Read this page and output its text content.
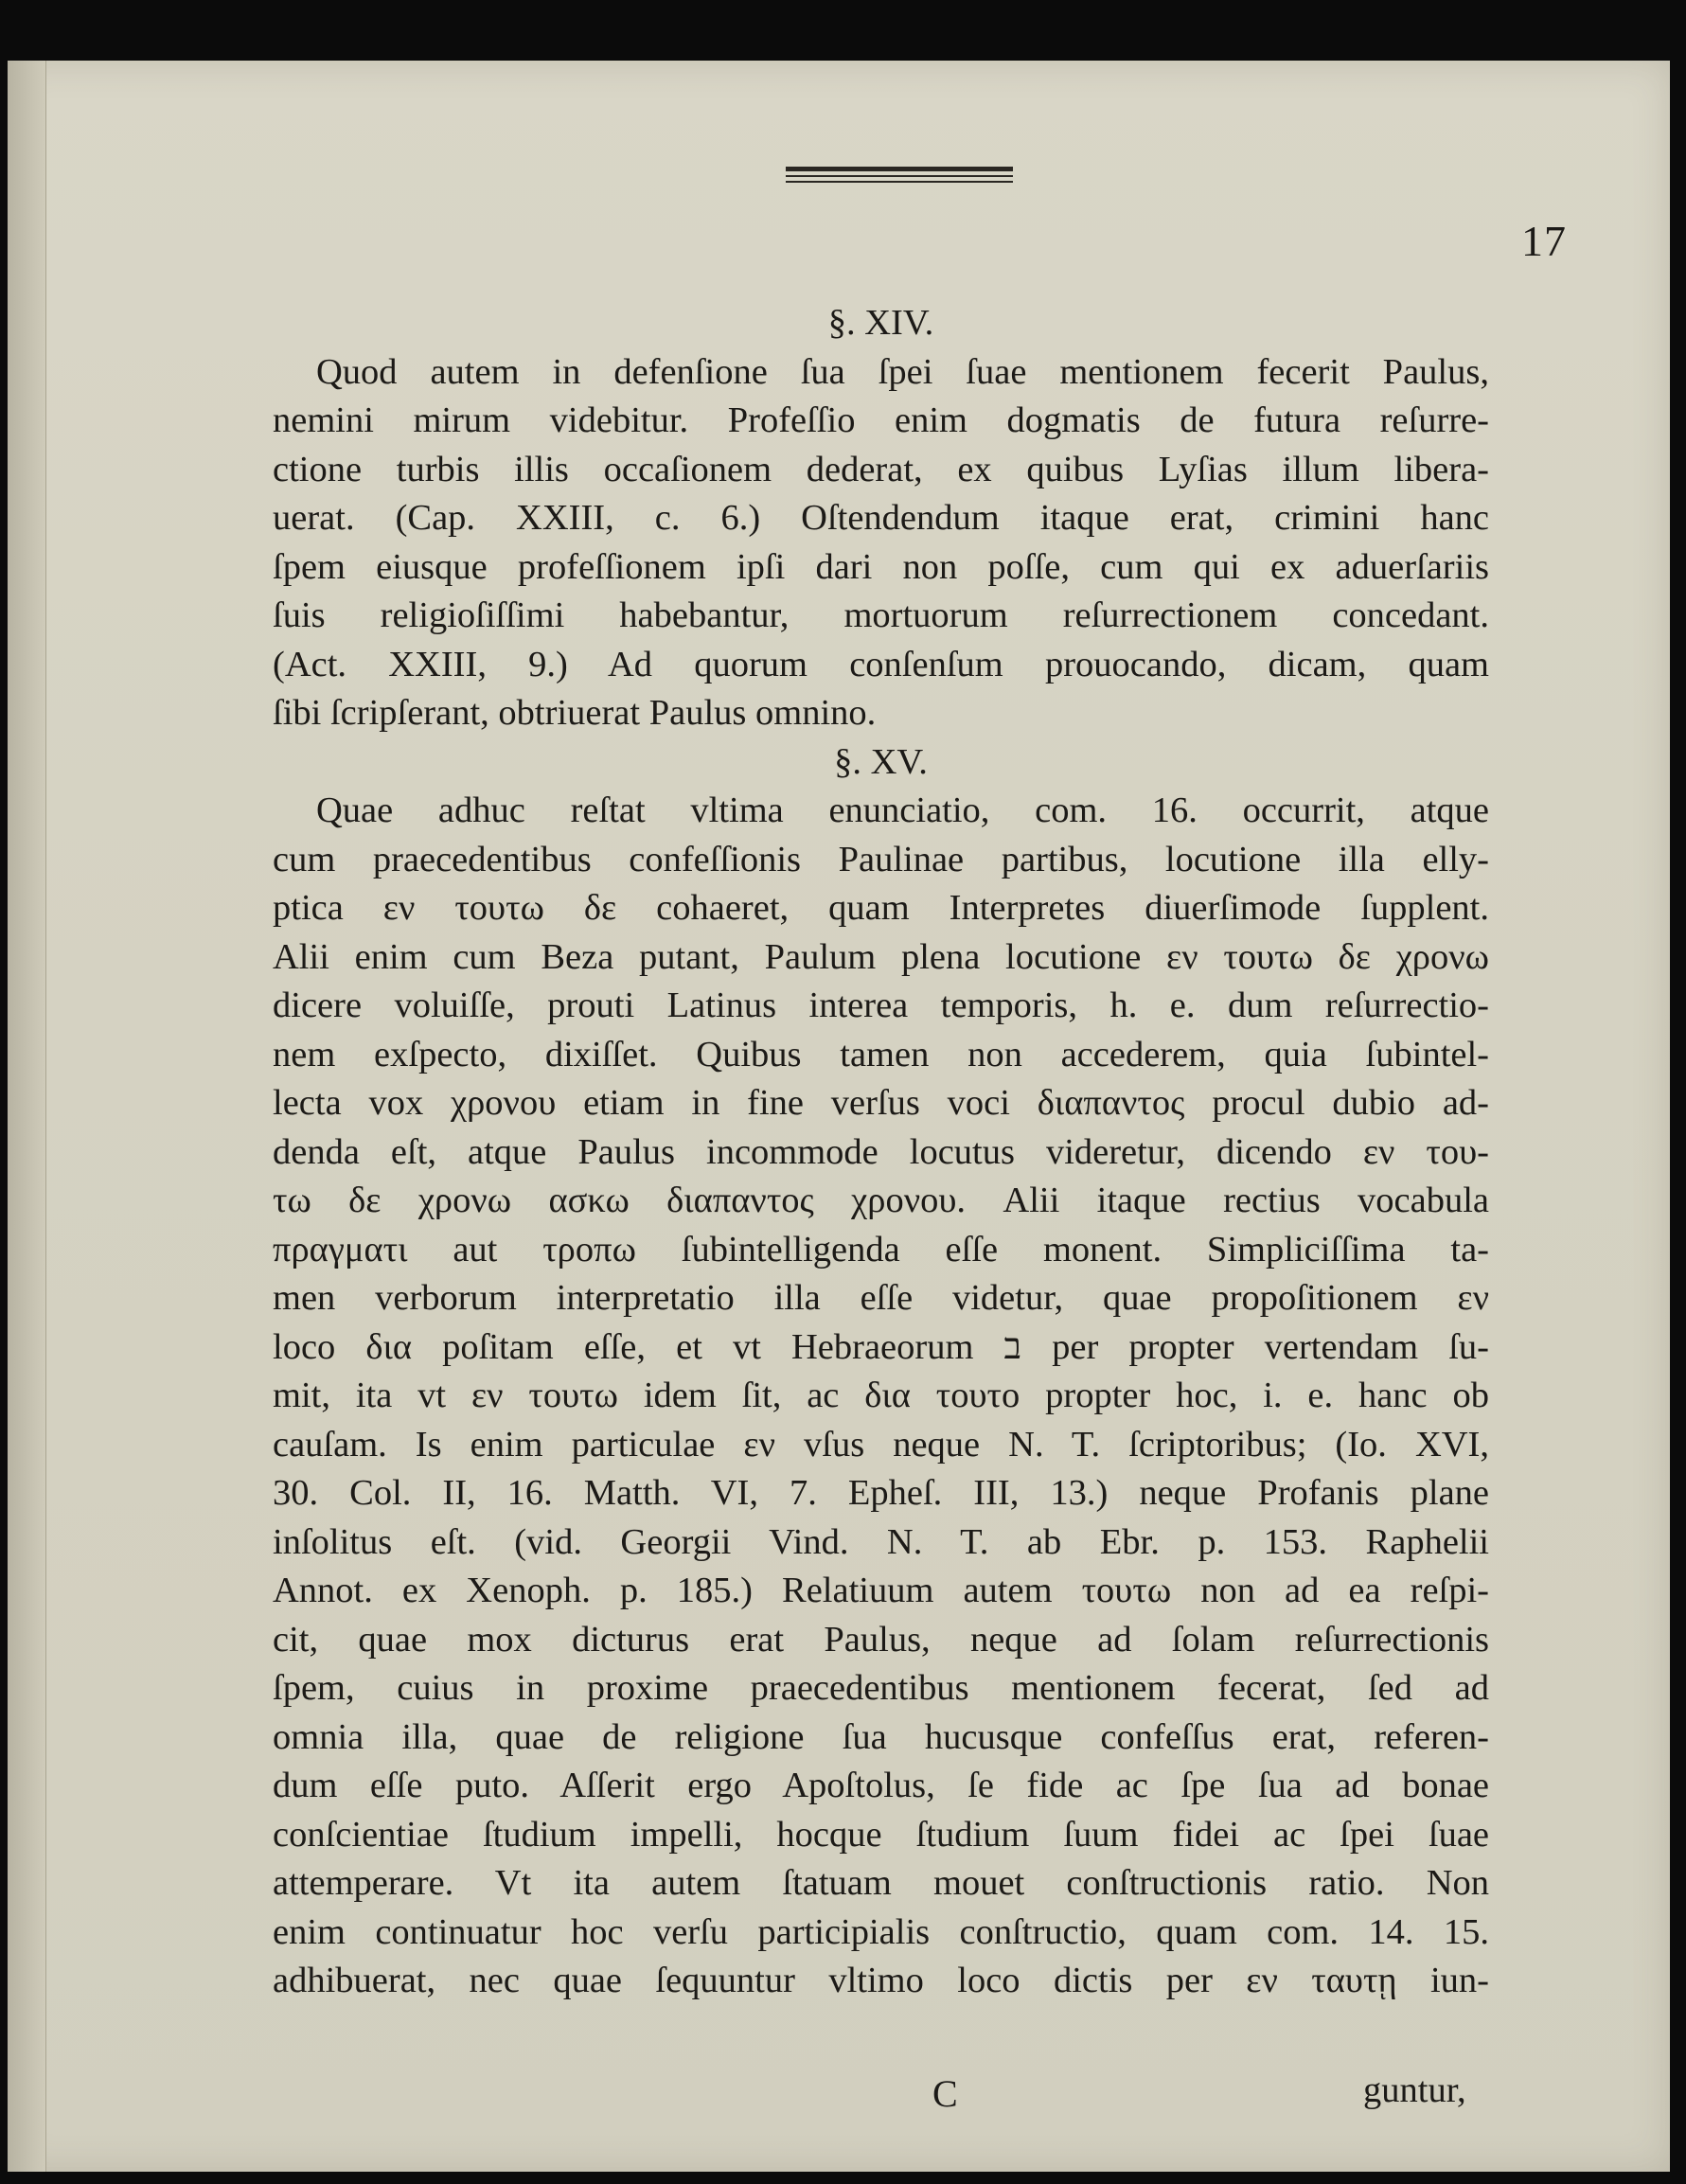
17
§. XIV.
Quod autem in defenſione ſua ſpei ſuae mentionem fecerit Paulus,
nemini mirum videbitur. Profeſſio enim dogmatis de futura reſurre-
ctione turbis illis occaſionem dederat, ex quibus Lyſias illum libera-
uerat. (Cap. XXIII, c. 6.) Oſtendendum itaque erat, crimini hanc
ſpem eiusque profeſſionem ipſi dari non poſſe, cum qui ex aduerſariis
ſuis religioſiſſimi habebantur, mortuorum reſurrectionem concedant.
(Act. XXIII, 9.) Ad quorum conſenſum prouocando, dicam, quam
ſibi ſcripſerant, obtriuerat Paulus omnino.
§. XV.
Quae adhuc reſtat vltima enunciatio, com. 16. occurrit, atque
cum praecedentibus confeſſionis Paulinae partibus, locutione illa elly-
ptica εν τουτω δε cohaeret, quam Interpretes diuerſimode ſupplent.
Alii enim cum Beza putant, Paulum plena locutione εν τουτω δε χρονω
dicere voluiſſe, prouti Latinus interea temporis, h. e. dum reſurrectio-
nem exſpecto, dixiſſet. Quibus tamen non accederem, quia ſubintel-
lecta vox χρονου etiam in fine verſus voci διαπαντος procul dubio ad-
denda eſt, atque Paulus incommode locutus videretur, dicendo εν του-
τω δε χρονω ασκω διαπαντος χρονου. Alii itaque rectius vocabula
πραγματι aut τροπω ſubintelligenda eſſe monent. Simpliciſſima ta-
men verborum interpretatio illa eſſe videtur, quae propoſitionem εν
loco δια poſitam eſſe, et vt Hebraeorum ב per propter vertendam ſu-
mit, ita vt εν τουτω idem ſit, ac δια τουτο propter hoc, i. e. hanc ob
cauſam. Is enim particulae εν vſus neque N. T. ſcriptoribus; (Io. XVI,
30. Col. II, 16. Matth. VI, 7. Epheſ. III, 13.) neque Profanis plane
inſolitus eſt. (vid. Georgii Vind. N. T. ab Ebr. p. 153. Raphelii
Annot. ex Xenoph. p. 185.) Relatiuum autem τουτω non ad ea reſpi-
cit, quae mox dicturus erat Paulus, neque ad ſolam reſurrectionis
ſpem, cuius in proxime praecedentibus mentionem fecerat, ſed ad
omnia illa, quae de religione ſua hucusque confeſſus erat, referen-
dum eſſe puto. Aſſerit ergo Apoſtolus, ſe fide ac ſpe ſua ad bonae
conſcientiae ſtudium impelli, hocque ſtudium ſuum fidei ac ſpei ſuae
attemperare. Vt ita autem ſtatuam mouet conſtructionis ratio. Non
enim continuatur hoc verſu participialis conſtructio, quam com. 14. 15.
adhibuerat, nec quae ſequuntur vltimo loco dictis per εν ταυτῃ iun-
C	guntur,
